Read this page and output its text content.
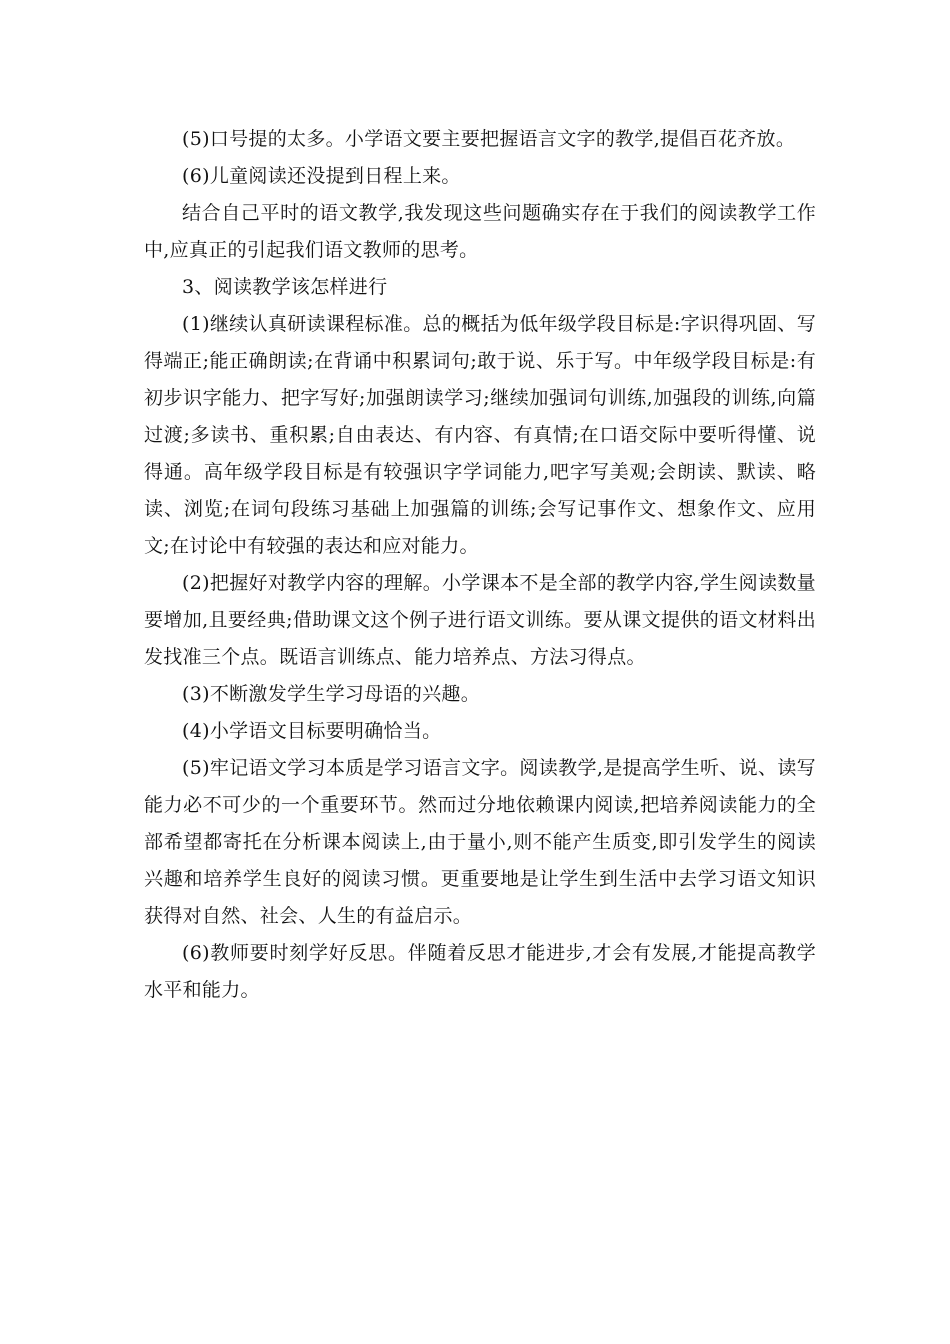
(5)口号提的太多。小学语文要主要把握语言文字的教学,提倡百花齐放。

(6)儿童阅读还没提到日程上来。

结合自己平时的语文教学,我发现这些问题确实存在于我们的阅读教学工作中,应真正的引起我们语文教师的思考。

3、阅读教学该怎样进行

(1)继续认真研读课程标准。总的概括为低年级学段目标是:字识得巩固、写得端正;能正确朗读;在背诵中积累词句;敢于说、乐于写。中年级学段目标是:有初步识字能力、把字写好;加强朗读学习;继续加强词句训练,加强段的训练,向篇过渡;多读书、重积累;自由表达、有内容、有真情;在口语交际中要听得懂、说得通。高年级学段目标是有较强识字学词能力,吧字写美观;会朗读、默读、略读、浏览;在词句段练习基础上加强篇的训练;会写记事作文、想象作文、应用文;在讨论中有较强的表达和应对能力。

(2)把握好对教学内容的理解。小学课本不是全部的教学内容,学生阅读数量要增加,且要经典;借助课文这个例子进行语文训练。要从课文提供的语文材料出发找准三个点。既语言训练点、能力培养点、方法习得点。

(3)不断激发学生学习母语的兴趣。

(4)小学语文目标要明确恰当。

(5)牢记语文学习本质是学习语言文字。阅读教学,是提高学生听、说、读写能力必不可少的一个重要环节。然而过分地依赖课内阅读,把培养阅读能力的全部希望都寄托在分析课本阅读上,由于量小,则不能产生质变,即引发学生的阅读兴趣和培养学生良好的阅读习惯。更重要地是让学生到生活中去学习语文知识获得对自然、社会、人生的有益启示。

(6)教师要时刻学好反思。伴随着反思才能进步,才会有发展,才能提高教学水平和能力。
